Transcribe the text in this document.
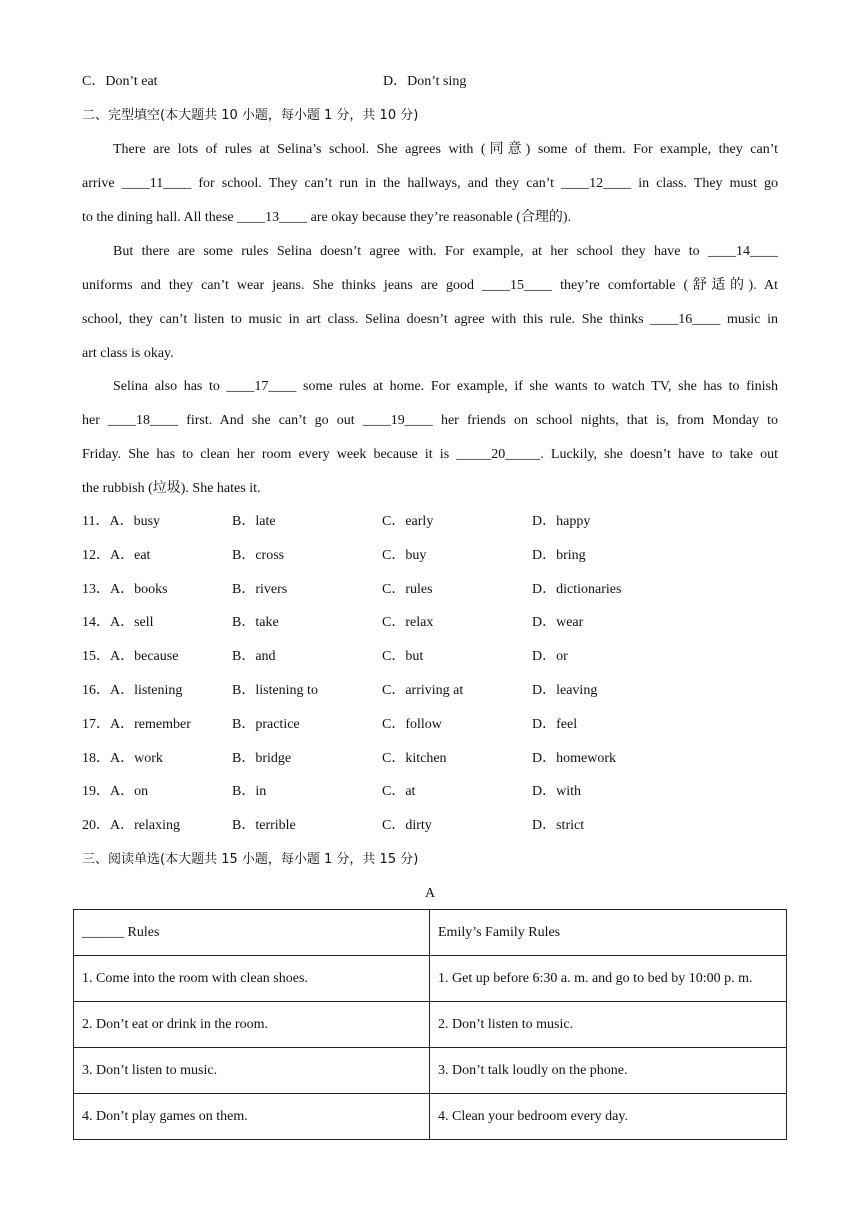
C．Don’t eat	D．Don’t sing
二、完型填空(本大题共 10 小题，每小题 1 分，共 10 分)
There are lots of rules at Selina’s school. She agrees with (同意) some of them. For example, they can’t
arrive ____11____ for school. They can’t run in the hallways, and they can’t ____12____ in class. They must go
to the dining hall. All these ____13____ are okay because they’re reasonable (合理的).
But there are some rules Selina doesn’t agree with. For example, at her school they have to ____14____
uniforms and they can’t wear jeans. She thinks jeans are good ____15____ they’re comfortable (舒适的). At
school, they can’t listen to music in art class. Selina doesn’t agree with this rule. She thinks ____16____ music in
art class is okay.
Selina also has to ____17____ some rules at home. For example, if she wants to watch TV, she has to finish
her ____18____ first. And she can’t go out ____19____ her friends on school nights, that is, from Monday to
Friday. She has to clean her room every week because it is _____20_____. Luckily, she doesn’t have to take out
the rubbish (垃圾). She hates it.
11．A．busy	B．late	C．early	D．happy
12．A．eat	B．cross	C．buy	D．bring
13．A．books	B．rivers	C．rules	D．dictionaries
14．A．sell	B．take	C．relax	D．wear
15．A．because	B．and	C．but	D．or
16．A．listening	B．listening to	C．arriving at	D．leaving
17．A．remember	B．practice	C．follow	D．feel
18．A．work	B．bridge	C．kitchen	D．homework
19．A．on	B．in	C．at	D．with
20．A．relaxing	B．terrible	C．dirty	D．strict
三、阅读单选(本大题共 15 小题，每小题 1 分，共 15 分)
A
______ Rules	Emily’s Family Rules
1. Come into the room with clean shoes.	1. Get up before 6:30 a. m. and go to bed by 10:00 p. m.
2. Don’t eat or drink in the room.	2. Don’t listen to music.
3. Don’t listen to music.	3. Don’t talk loudly on the phone.
4. Don’t play games on them.	4. Clean your bedroom every day.
